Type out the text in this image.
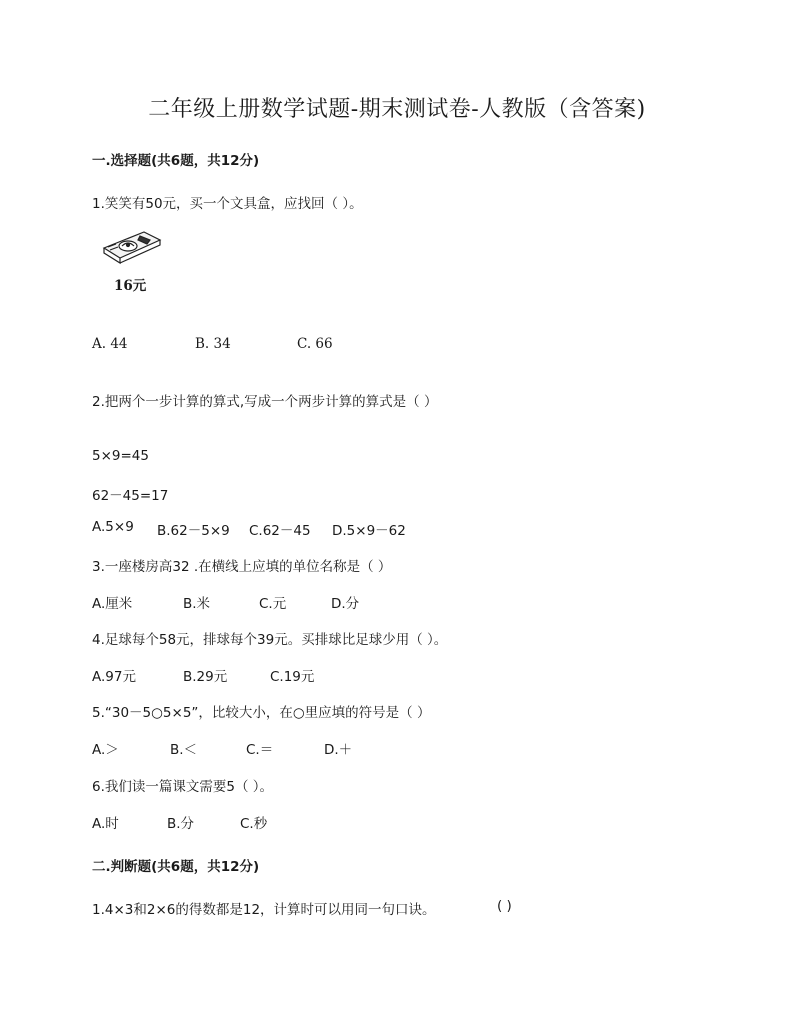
二年级上册数学试题-期末测试卷-人教版（含答案)
一.选择题(共6题，共12分)
1.笑笑有50元，买一个文具盒，应找回（ ）。
16元
A. 44	B. 34	C. 66
2.把两个一步计算的算式,写成一个两步计算的算式是（ ）
5×9=45
62－45=17
A.5×9 B.62－5×9 C.62－45 D.5×9－62
3.一座楼房高32 .在横线上应填的单位名称是（ ）
A.厘米	B.米	C.元	D.分
4.足球每个58元，排球每个39元。买排球比足球少用（ ）。
A.97元	B.29元	C.19元
5.“30－5○5×5”，比较大小，在○里应填的符号是（ ）
A.＞	B.＜	C.＝	D.＋
6.我们读一篇课文需要5（ ）。
A.时	B.分	C.秒
二.判断题(共6题，共12分)
1.4×3和2×6的得数都是12，计算时可以用同一句口诀。	( )
